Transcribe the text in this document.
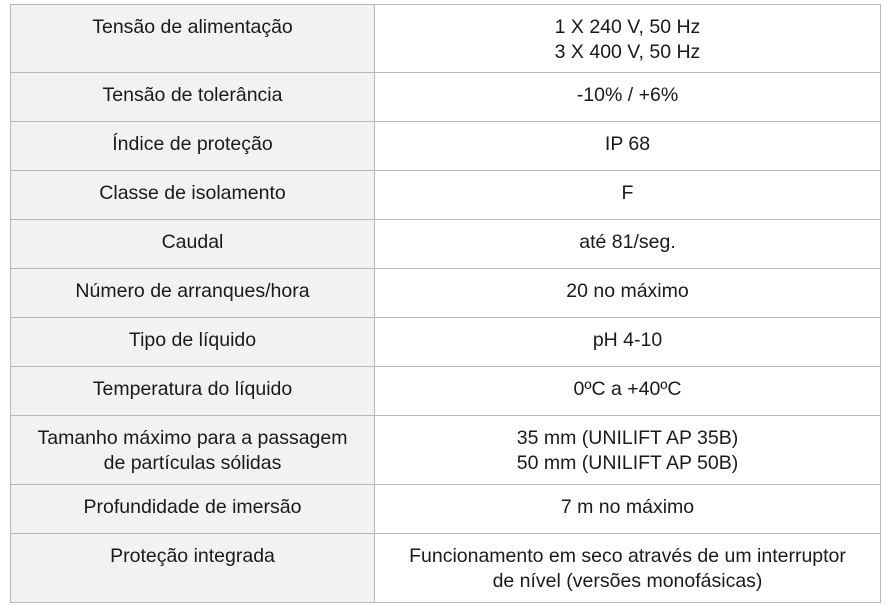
Tensão de alimentação	1 X 240 V, 50 Hz
3 X 400 V, 50 Hz

Tensão de tolerância	-10% / +6%

Índice de proteção	IP 68

Classe de isolamento	F

Caudal	até 81/seg.

Número de arranques/hora	20 no máximo

Tipo de líquido	pH 4-10

Temperatura do líquido	0ºC a +40ºC

Tamanho máximo para a passagem
de partículas sólidas	35 mm (UNILIFT AP 35B)
50 mm (UNILIFT AP 50B)

Profundidade de imersão	7 m no máximo

Proteção integrada	Funcionamento em seco através de um interruptor
de nível (versões monofásicas)
